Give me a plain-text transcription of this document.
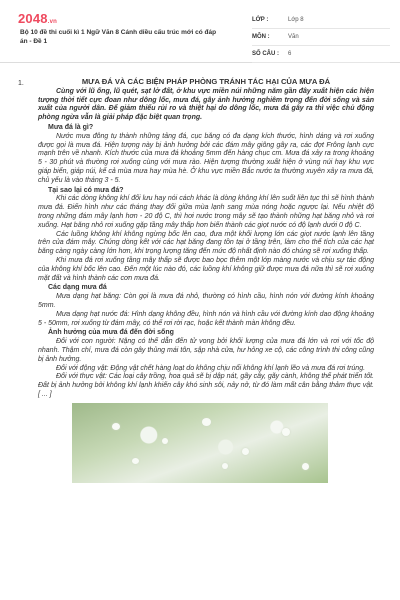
2048.vn
Bộ 10 đề thi cuối kì 1 Ngữ Văn 8 Cánh diều cấu trúc mới có đáp án - Đề 1
LỚP :	Lớp 8
MÔN :	Văn
SỐ CÂU :	6
1.	MƯA ĐÁ VÀ CÁC BIỆN PHÁP PHÒNG TRÁNH TÁC HẠI CỦA MƯA ĐÁ

Cùng với lũ ống, lũ quét, sạt lở đất, ở khu vực miền núi những năm gần đây xuất hiện các hiện tượng thời tiết cực đoan như dông lốc, mưa đá, gây ảnh hưởng nghiêm trọng đến đời sống và sản xuất của người dân. Để giảm thiểu rủi ro và thiệt hại do dông lốc, mưa đá gây ra thì việc chủ động phòng ngừa vẫn là giải pháp đặc biệt quan trọng.

Mưa đá là gì?

Nước mưa đông tụ thành những tảng đá, cục băng có đa dạng kích thước, hình dáng và rơi xuống được gọi là mưa đá. Hiện tượng này bị ảnh hưởng bởi các đám mây giông gây ra, các đợt Frông lạnh cực mạnh trên về nhanh. Kích thước của mưa đá khoảng 5mm đến hàng chục cm. Mưa đá xảy ra trong khoảng 5 - 30 phút và thường rơi xuống cùng với mưa rào. Hiện tượng thường xuất hiện ở vùng núi hay khu vực giáp biển, giáp núi, kể cả mùa mưa hay mùa hè. Ở khu vực miền Bắc nước ta thường xuyên xảy ra mưa đá, chủ yếu là vào tháng 3 - 5.

Tại sao lại có mưa đá?

Khi các dòng không khí đối lưu hay nói cách khác là dòng không khí lên suốt liên tục thì sẽ hình thành mưa đá. Điển hình như các tháng thay đổi giữa mùa lạnh sang mùa nóng hoặc ngược lại. Nếu nhiệt độ trong những đám mây lạnh hơn - 20 độ C, thì hơi nước trong mây sẽ tạo thành những hạt băng nhỏ và rơi xuống. Hạt băng nhỏ rơi xuống gặp tầng mây thấp hơn biến thành các giọt nước có độ lạnh dưới 0 độ C.

Các luồng không khí không ngừng bốc lên cao, đưa một khối lượng lớn các giọt nước lạnh lên tầng trên của đám mây. Chúng dòng kết với các hạt băng đang tồn tại ở tầng trên, làm cho thể tích của các hạt băng càng ngày càng lớn hơn, khi trọng lượng tăng đến mức độ nhất định nào đó chúng sẽ rơi xuống thấp.

Khi mưa đá rơi xuống tầng mây thấp sẽ được bao bọc thêm một lớp màng nước và chịu sự tác động của không khí bốc lên cao. Đến một lúc nào đó, các luồng khí không giữ được mưa đá nữa thì sẽ rơi xuống mặt đất và hình thành các cơn mưa đá.

Các dạng mưa đá

Mưa dạng hạt băng: Còn gọi là mưa đá nhỏ, thường có hình cầu, hình nón với đường kính khoảng 5mm.

Mưa dạng hạt nước đá: Hình dạng không đều, hình nón và hình cầu với đường kính dao động khoảng 5 - 50mm, rơi xuống từ đám mây, có thể rơi rời rạc, hoặc kết thành màn không đều.

Ảnh hưởng của mưa đá đến đời sống

Đối với con người: Nặng có thể dẫn đến tử vong bởi khối lượng của mưa đá lớn và rơi với tốc độ nhanh. Thậm chí, mưa đá còn gây thủng mái tôn, sập nhà cửa, hư hỏng xe cộ, các công trình thi công cũng bị ảnh hưởng.

Đối với động vật: Động vật chết hàng loạt do không chịu nổi không khí lạnh lẽo và mưa đá rơi trúng.

Đối với thực vật: Các loại cây trồng, hoa quả sẽ bị dập nát, gãy cây, gãy cành, không thể phát triển tốt. Đất bị ảnh hưởng bởi không khí lạnh khiến cây khó sinh sôi, nảy nở, từ đó làm mất cân bằng thảm thực vật. [ ... ]
